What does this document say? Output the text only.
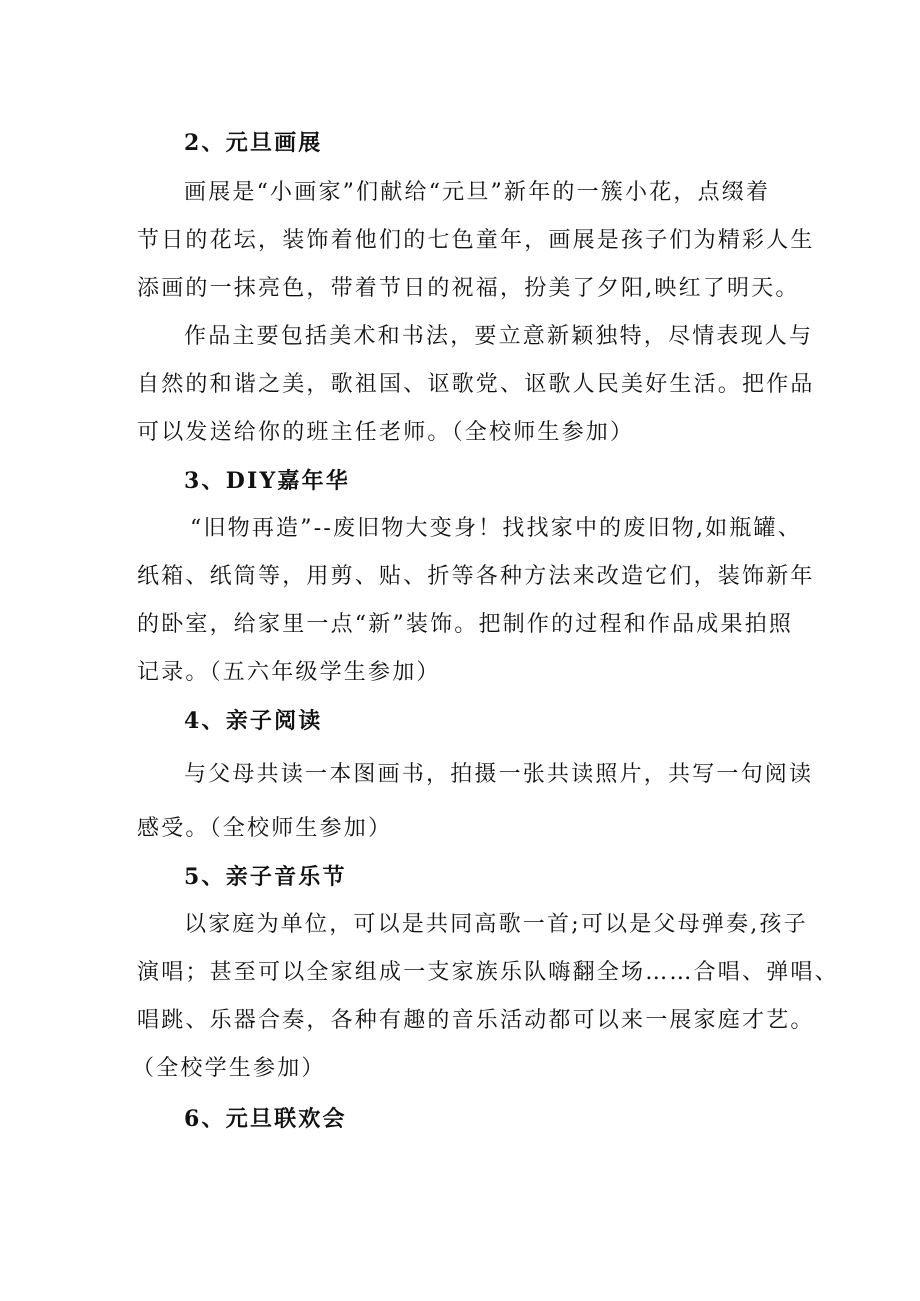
2、元旦画展

画展是“小画家”们献给“元旦”新年的一簇小花，点缀着

节日的花坛，装饰着他们的七色童年，画展是孩子们为精彩人生

添画的一抹亮色，带着节日的祝福，扮美了夕阳,映红了明天。

作品主要包括美术和书法，要立意新颖独特，尽情表现人与

自然的和谐之美，歌祖国、讴歌党、讴歌人民美好生活。把作品

可以发送给你的班主任老师。（全校师生参加）

3、DIY嘉年华

“旧物再造”--废旧物大变身！找找家中的废旧物,如瓶罐、

纸箱、纸筒等，用剪、贴、折等各种方法来改造它们，装饰新年

的卧室，给家里一点“新”装饰。把制作的过程和作品成果拍照

记录。（五六年级学生参加）

4、亲子阅读

与父母共读一本图画书，拍摄一张共读照片，共写一句阅读

感受。（全校师生参加）

5、亲子音乐节

以家庭为单位，可以是共同高歌一首;可以是父母弹奏,孩子

演唱；甚至可以全家组成一支家族乐队嗨翻全场……合唱、弹唱、

唱跳、乐器合奏，各种有趣的音乐活动都可以来一展家庭才艺。

（全校学生参加）

6、元旦联欢会
